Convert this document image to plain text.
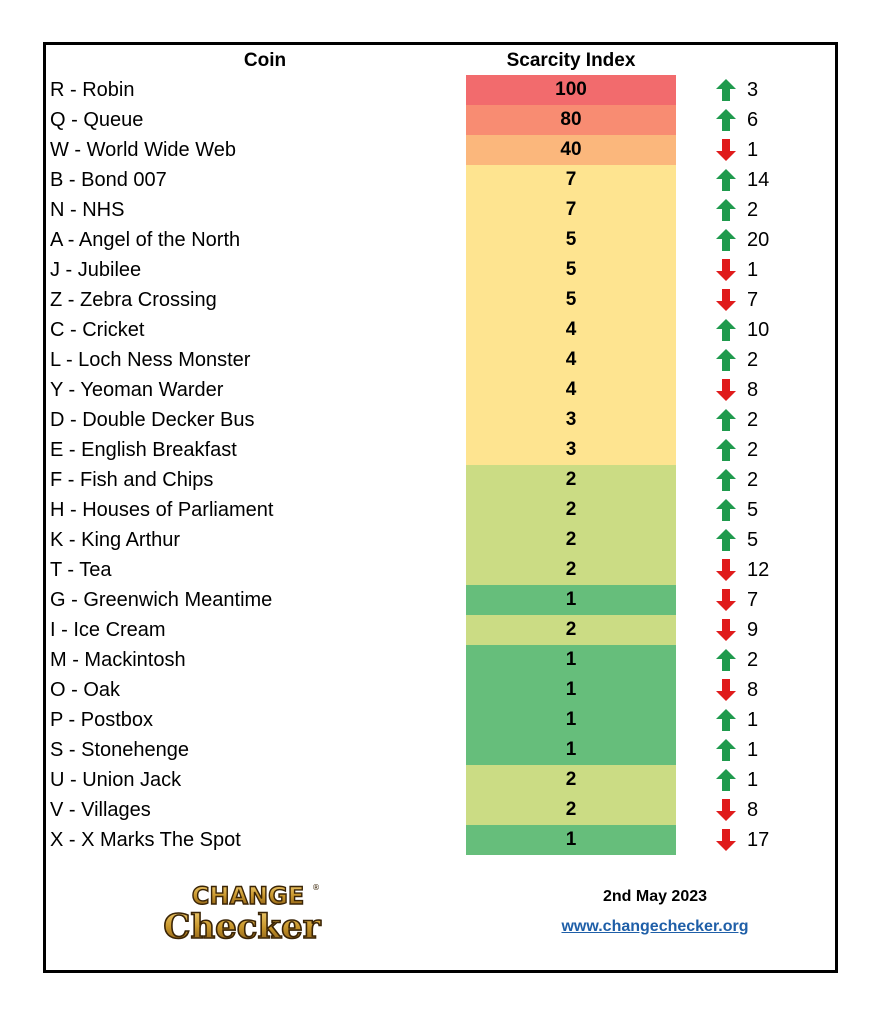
Coin	Scarcity Index
R - Robin	100	3
Q - Queue	80	6
W - World Wide Web	40	1
B - Bond 007	7	14
N - NHS	7	2
A - Angel of the North	5	20
J - Jubilee	5	1
Z - Zebra Crossing	5	7
C - Cricket	4	10
L - Loch Ness Monster	4	2
Y - Yeoman Warder	4	8
D - Double Decker Bus	3	2
E - English Breakfast	3	2
F - Fish and Chips	2	2
H - Houses of Parliament	2	5
K - King Arthur	2	5
T - Tea	2	12
G - Greenwich Meantime	1	7
I - Ice Cream	2	9
M - Mackintosh	1	2
O - Oak	1	8
P - Postbox	1	1
S - Stonehenge	1	1
U - Union Jack	2	1
V - Villages	2	8
X - X Marks The Spot	1	17
CHANGE ®
Checker
2nd May 2023
www.changechecker.org
